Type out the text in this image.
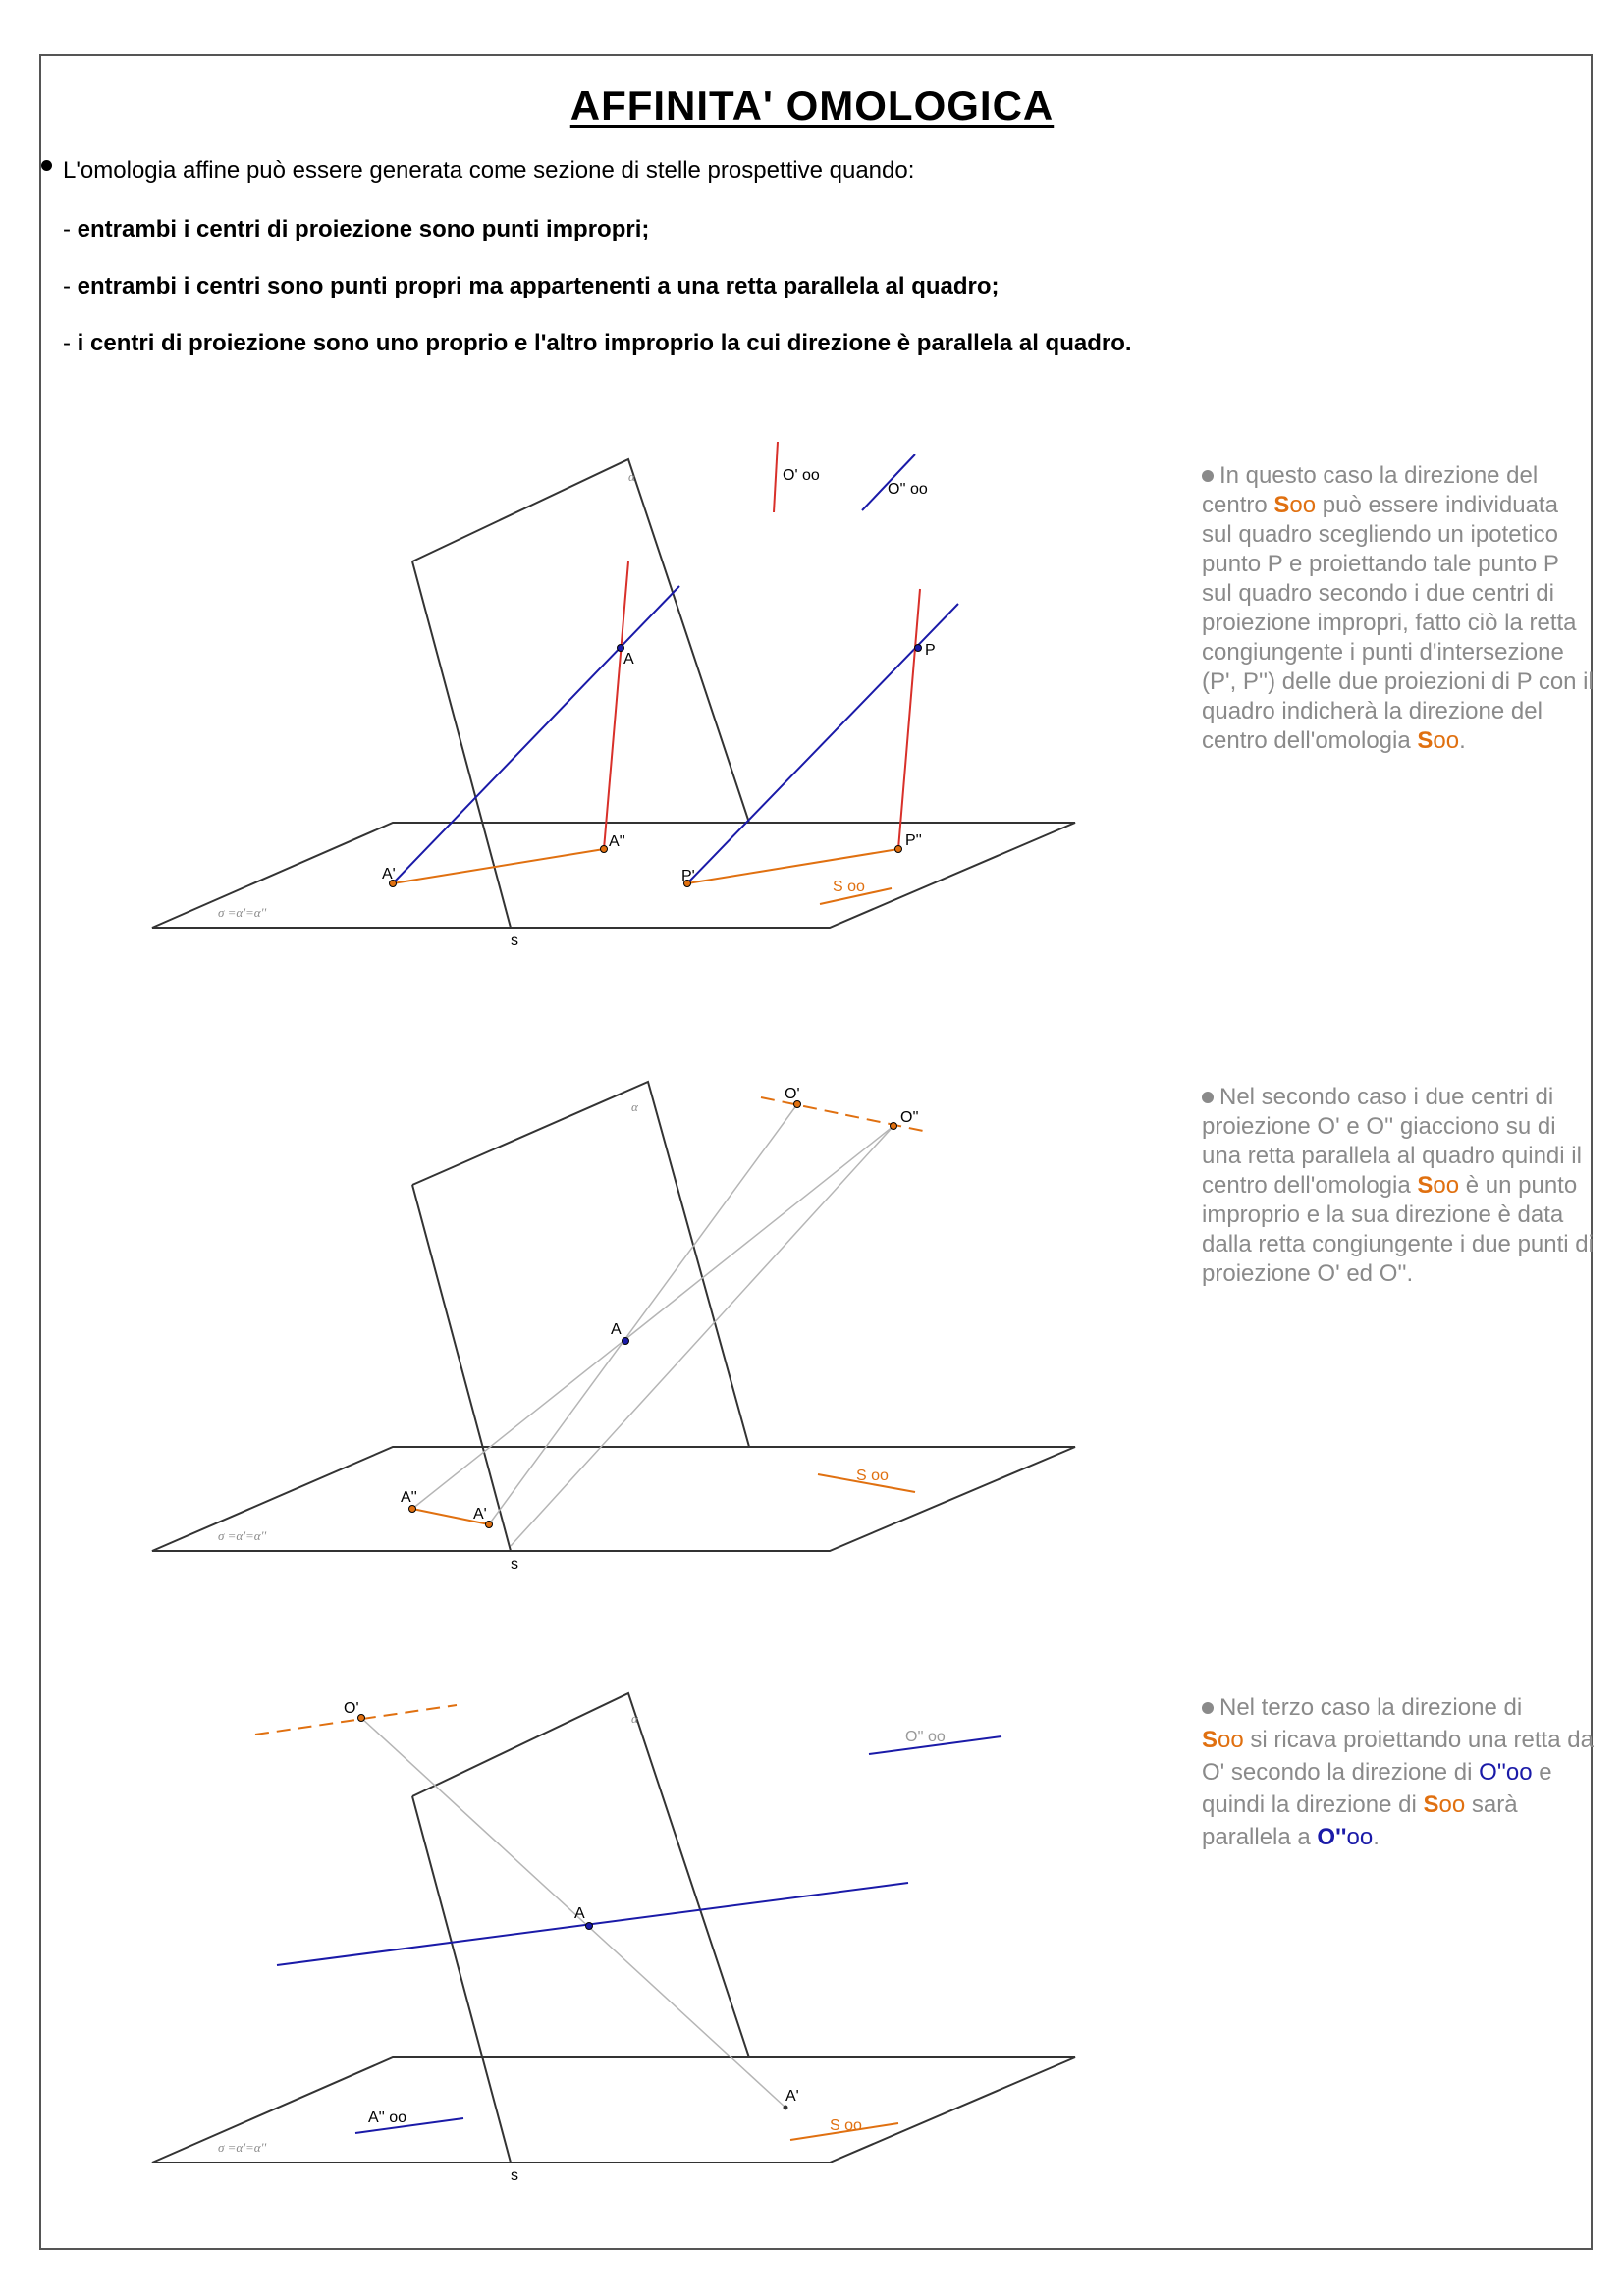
AFFINITA' OMOLOGICA
L'omologia affine può essere generata come sezione di stelle prospettive quando:
- entrambi i centri di proiezione sono punti impropri;
- entrambi i centri sono punti propri ma appartenenti a una retta parallela al quadro;
- i centri di proiezione sono uno proprio e l'altro improprio la cui direzione è parallela al quadro.
In questo caso la direzione del centro Soo può essere individuata sul quadro scegliendo un ipotetico punto P e proiettando tale punto P sul quadro secondo i due centri di proiezione impropri, fatto ciò la retta congiungente i punti d'intersezione (P', P'') delle due proiezioni di P con il quadro indicherà la direzione del centro dell'omologia Soo.
Nel secondo caso i due centri di proiezione O' e O'' giacciono su di una retta parallela al quadro quindi il centro dell'omologia Soo è un punto improprio e la sua direzione è data dalla retta congiungente i due punti di proiezione O' ed O''.
Nel terzo caso la direzione di
Soo si ricava proiettando una retta da O' secondo la direzione di O''oo e quindi la direzione di Soo sarà parallela a O''oo.
α
σ =α'=α''
s
A
A'
A''
P
P'
P''
S oo
O' oo
O'' oo
α
σ =α'=α''
s
A
O'
O''
A''
A'
S oo
α
σ =α'=α''
s
A
O'
O'' oo
A'' oo
A'
S oo
